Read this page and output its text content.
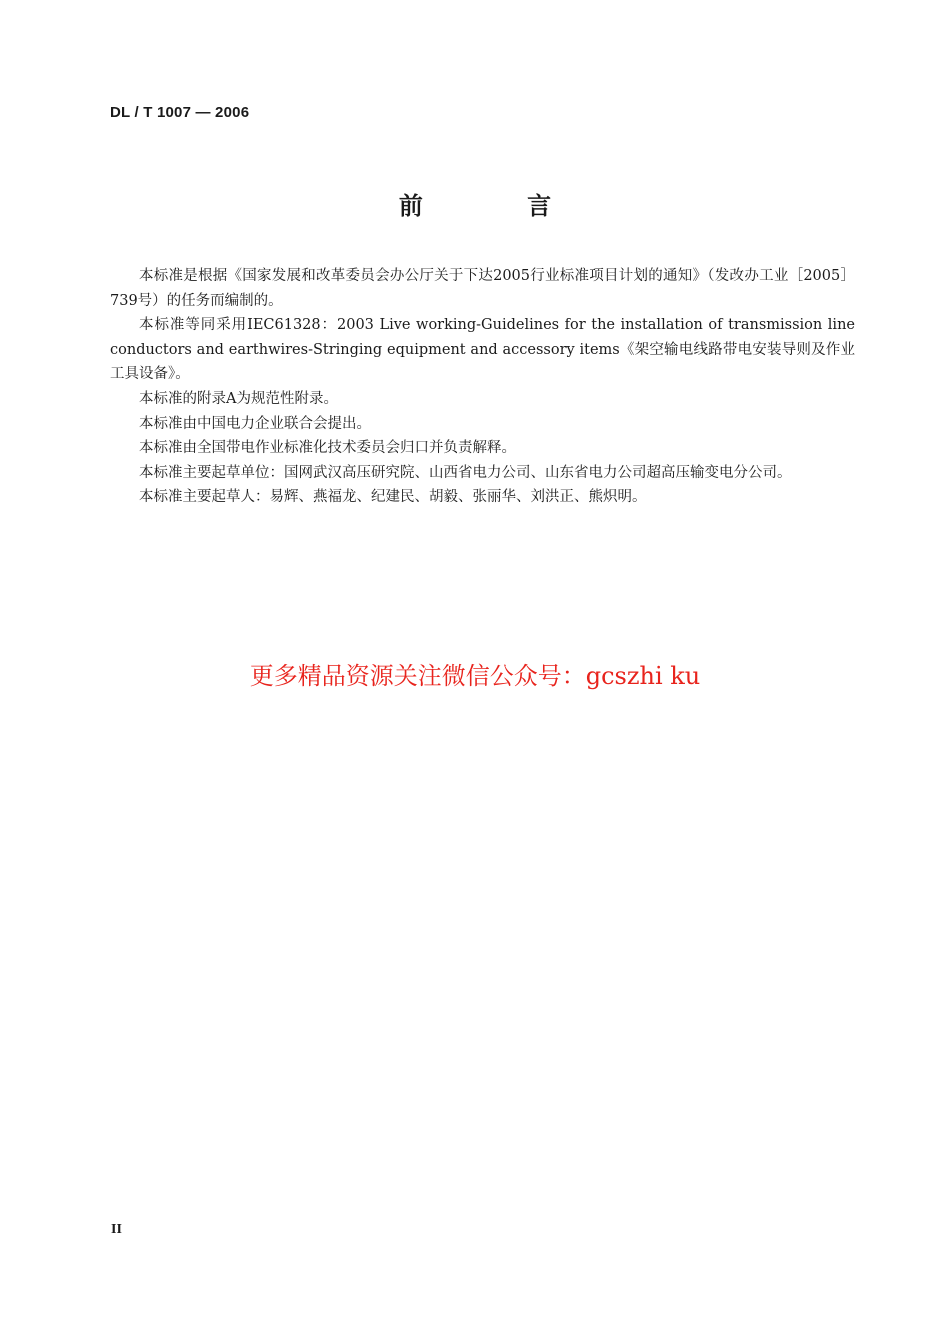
DL / T 1007 — 2006
前 言

本标准是根据《国家发展和改革委员会办公厅关于下达2005行业标准项目计划的通知》（发改办工业［2005］739号）的任务而编制的。

本标准等同采用IEC61328：2003 Live working-Guidelines for the installation of transmission line conductors and earthwires-Stringing equipment and accessory items《架空输电线路带电安装导则及作业工具设备》。

本标准的附录A为规范性附录。

本标准由中国电力企业联合会提出。

本标准由全国带电作业标准化技术委员会归口并负责解释。

本标准主要起草单位：国网武汉高压研究院、山西省电力公司、山东省电力公司超高压输变电分公司。

本标准主要起草人：易辉、燕福龙、纪建民、胡毅、张丽华、刘洪正、熊炽明。

更多精品资源关注微信公众号：gcszhi ku
II
